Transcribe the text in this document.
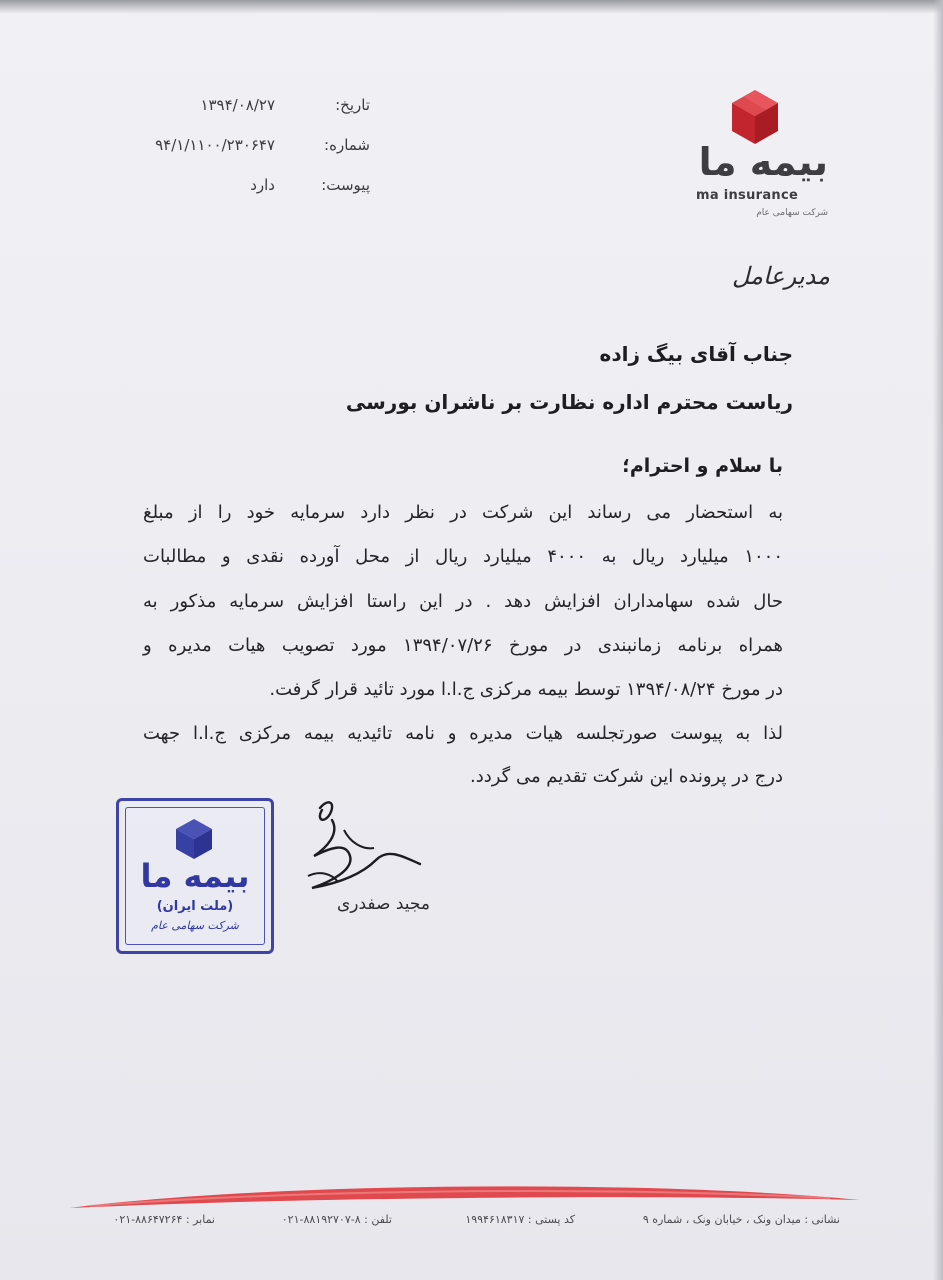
بیمه ما
ma insurance
شرکت سهامی عام
تاریخ:
۱۳۹۴/۰۸/۲۷
شماره:
۹۴/۱/۱۱۰۰/۲۳۰۶۴۷
پیوست:
دارد
مدیرعامل
جناب آقای بیگ زاده
ریاست محترم اداره نظارت بر ناشران بورسی
با سلام و احترام؛
به استحضار می رساند این شرکت در نظر دارد سرمایه خود را از مبلغ
۱۰۰۰ میلیارد ریال به ۴۰۰۰ میلیارد ریال از محل آورده نقدی و مطالبات
حال شده سهامداران افزایش دهد . در این راستا افزایش سرمایه مذکور به
همراه برنامه زمانبندی در مورخ ۱۳۹۴/۰۷/۲۶ مورد تصویب هیات مدیره و
در مورخ ۱۳۹۴/۰۸/۲۴ توسط بیمه مرکزی ج.ا.ا مورد تائید قرار گرفت.
لذا به پیوست صورتجلسه هیات مدیره و نامه تائیدیه بیمه مرکزی ج.ا.ا جهت
درج در پرونده این شرکت تقدیم می گردد.
بیمه ما
(ملت ایران)
شرکت سهامی عام
مجید صفدری
نشانی : میدان ونک ، خیابان ونک ، شماره ۹
کد پستی : ۱۹۹۴۶۱۸۳۱۷
تلفن : ۸-۸۸۱۹۲۷۰۷-۰۲۱
نمابر : ۸۸۶۴۷۲۶۴-۰۲۱
